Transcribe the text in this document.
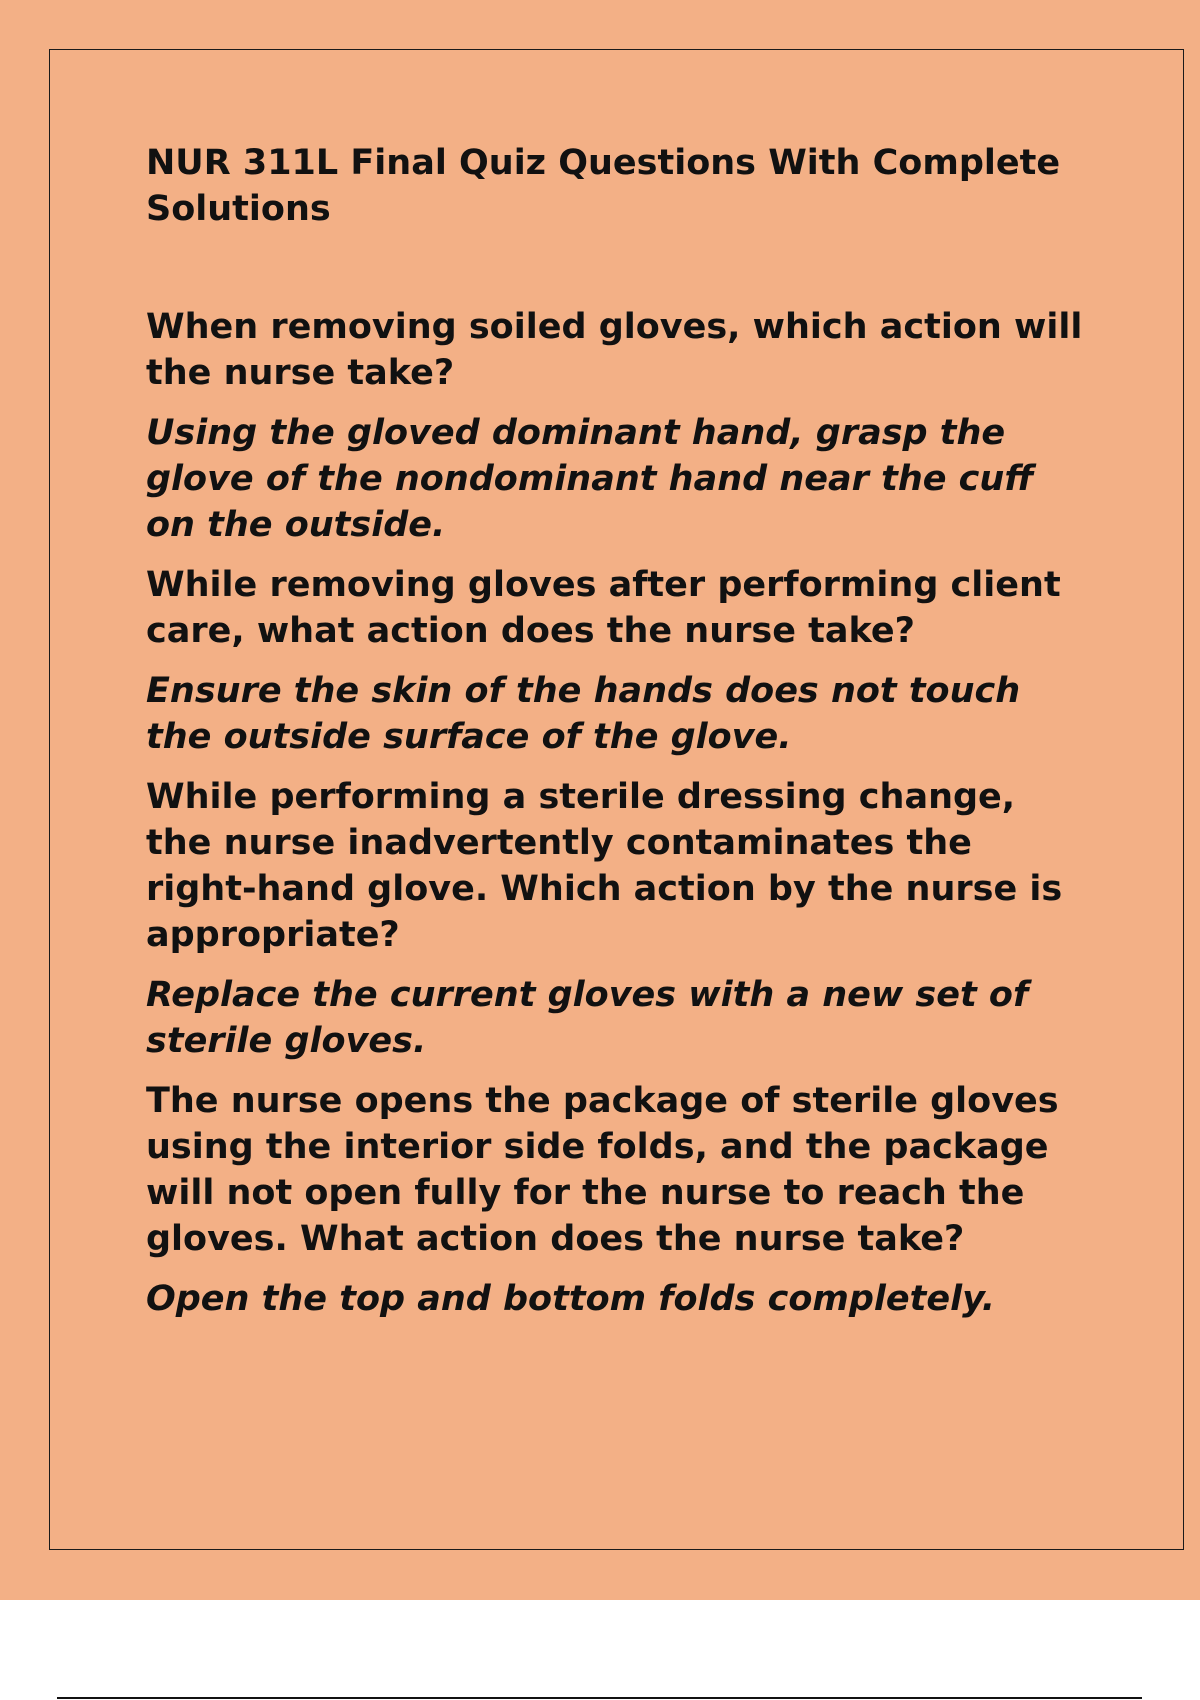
NUR 311L Final Quiz Questions With Complete Solutions

When removing soiled gloves, which action will the nurse take?

Using the gloved dominant hand, grasp the glove of the nondominant hand near the cuff on the outside.

While removing gloves after performing client care, what action does the nurse take?

Ensure the skin of the hands does not touch the outside surface of the glove.

While performing a sterile dressing change, the nurse inadvertently contaminates the right-hand glove. Which action by the nurse is appropriate?

Replace the current gloves with a new set of sterile gloves.

The nurse opens the package of sterile gloves using the interior side folds, and the package will not open fully for the nurse to reach the gloves. What action does the nurse take?

Open the top and bottom folds completely.
